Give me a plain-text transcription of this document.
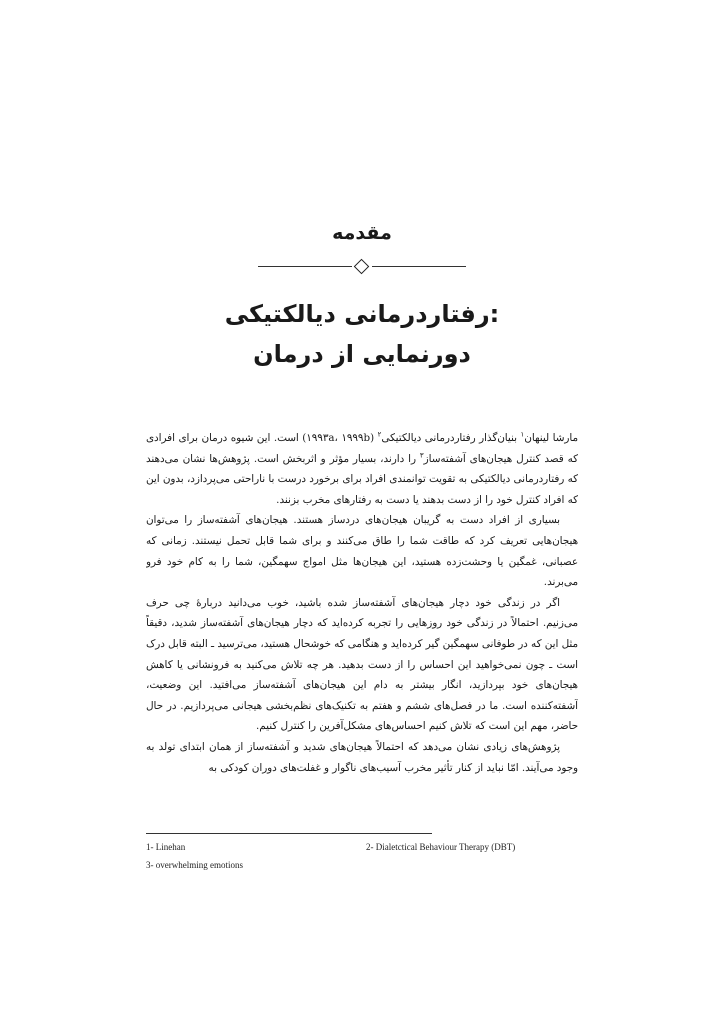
مقدمه
رفتاردرمانی دیالکتیکی:
دورنمایی از درمان

مارشا لینهان$^۱$ بنیان‌گذار رفتاردرمانی دیالکتیکی$^۲$ (۱۹۹۳a، ۱۹۹۹b) است. این شیوه درمان برای افرادی که قصد کنترل هیجان‌های آشفته‌ساز$^۳$ را دارند، بسیار مؤثر و اثربخش است. پژوهش‌ها نشان می‌دهند که رفتاردرمانی دیالکتیکی به تقویت توانمندی افراد برای برخورد درست با ناراحتی می‌پردازد، بدون این که افراد کنترل خود را از دست بدهند یا دست به رفتارهای مخرب بزنند.

بسیاری از افراد دست به گریبان هیجان‌های دردساز هستند. هیجان‌های آشفته‌ساز را می‌توان هیجان‌هایی تعریف کرد که طاقت شما را طاق می‌کنند و برای شما قابل تحمل نیستند. زمانی که عصبانی، غمگین یا وحشت‌زده هستید، این هیجان‌ها مثل امواج سهمگین، شما را به کام خود فرو می‌برند.

اگر در زندگی خود دچار هیجان‌های آشفته‌ساز شده باشید، خوب می‌دانید دربارهٔ چی حرف می‌زنیم. احتمالاً در زندگی خود روزهایی را تجربه کرده‌اید که دچار هیجان‌های آشفته‌ساز شدید، دقیقاً مثل این که در طوفانی سهمگین گیر کرده‌اید و هنگامی که خوشحال هستید، می‌ترسید ـ البته قابل درک است ـ چون نمی‌خواهید این احساس را از دست بدهید. هر چه تلاش می‌کنید به فرونشانی یا کاهش هیجان‌های خود بپردازید، انگار بیشتر به دام این هیجان‌های آشفته‌ساز می‌افتید. این وضعیت، آشفته‌کننده است. ما در فصل‌های ششم و هفتم به تکنیک‌های نظم‌بخشی هیجانی می‌پردازیم. در حال حاضر، مهم این است که تلاش کنیم احساس‌های مشکل‌آفرین را کنترل کنیم.

پژوهش‌های زیادی نشان می‌دهد که احتمالاً هیجان‌های شدید و آشفته‌ساز از همان ابتدای تولد به وجود می‌آیند. امّا نباید از کنار تأثیر مخرب آسیب‌های ناگوار و غفلت‌های دوران کودکی به

1- Linehan	2- Dialetctical Behaviour Therapy (DBT)
3- overwhelming emotions
